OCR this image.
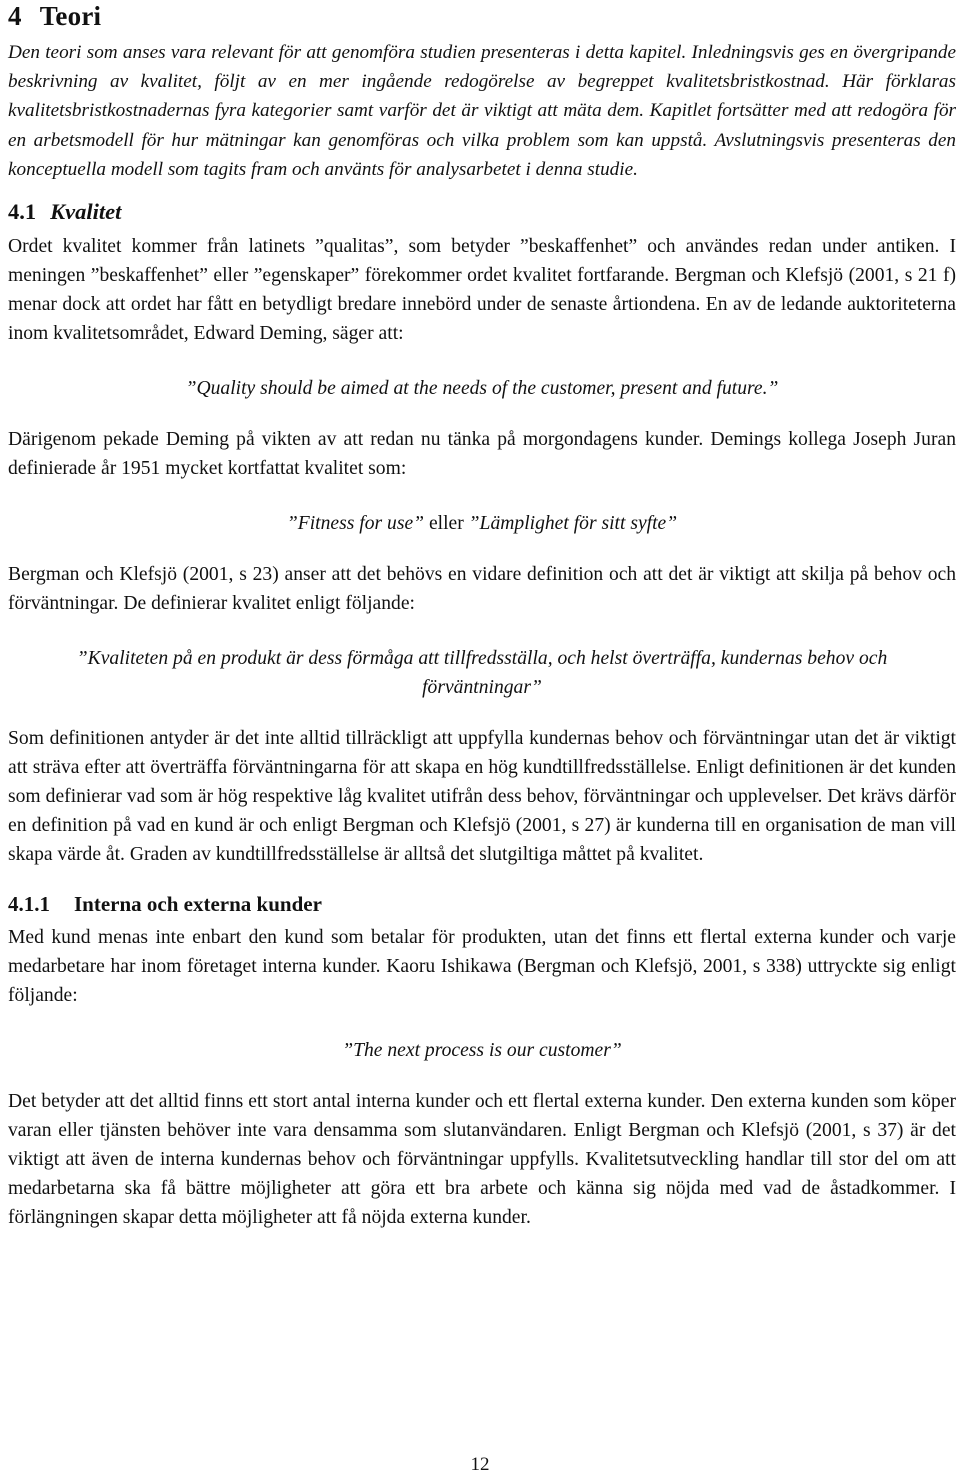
4 Teori

Den teori som anses vara relevant för att genomföra studien presenteras i detta kapitel. Inledningsvis ges en övergripande beskrivning av kvalitet, följt av en mer ingående redogörelse av begreppet kvalitetsbristkostnad. Här förklaras kvalitetsbristkostnadernas fyra kategorier samt varför det är viktigt att mäta dem. Kapitlet fortsätter med att redogöra för en arbetsmodell för hur mätningar kan genomföras och vilka problem som kan uppstå. Avslutningsvis presenteras den konceptuella modell som tagits fram och använts för analysarbetet i denna studie.

4.1 Kvalitet

Ordet kvalitet kommer från latinets ”qualitas”, som betyder ”beskaffenhet” och användes redan under antiken. I meningen ”beskaffenhet” eller ”egenskaper” förekommer ordet kvalitet fortfarande. Bergman och Klefsjö (2001, s 21 f) menar dock att ordet har fått en betydligt bredare innebörd under de senaste årtiondena. En av de ledande auktoriteterna inom kvalitetsområdet, Edward Deming, säger att:

”Quality should be aimed at the needs of the customer, present and future.”

Därigenom pekade Deming på vikten av att redan nu tänka på morgondagens kunder. Demings kollega Joseph Juran definierade år 1951 mycket kortfattat kvalitet som:

”Fitness for use” eller ”Lämplighet för sitt syfte”

Bergman och Klefsjö (2001, s 23) anser att det behövs en vidare definition och att det är viktigt att skilja på behov och förväntningar. De definierar kvalitet enligt följande:

”Kvaliteten på en produkt är dess förmåga att tillfredsställa, och helst överträffa, kundernas behov och förväntningar”

Som definitionen antyder är det inte alltid tillräckligt att uppfylla kundernas behov och förväntningar utan det är viktigt att sträva efter att överträffa förväntningarna för att skapa en hög kundtillfredsställelse. Enligt definitionen är det kunden som definierar vad som är hög respektive låg kvalitet utifrån dess behov, förväntningar och upplevelser. Det krävs därför en definition på vad en kund är och enligt Bergman och Klefsjö (2001, s 27) är kunderna till en organisation de man vill skapa värde åt. Graden av kundtillfredsställelse är alltså det slutgiltiga måttet på kvalitet.

4.1.1 Interna och externa kunder

Med kund menas inte enbart den kund som betalar för produkten, utan det finns ett flertal externa kunder och varje medarbetare har inom företaget interna kunder. Kaoru Ishikawa (Bergman och Klefsjö, 2001, s 338) uttryckte sig enligt följande:

”The next process is our customer”

Det betyder att det alltid finns ett stort antal interna kunder och ett flertal externa kunder. Den externa kunden som köper varan eller tjänsten behöver inte vara densamma som slutanvändaren. Enligt Bergman och Klefsjö (2001, s 37) är det viktigt att även de interna kundernas behov och förväntningar uppfylls. Kvalitetsutveckling handlar till stor del om att medarbetarna ska få bättre möjligheter att göra ett bra arbete och känna sig nöjda med vad de åstadkommer. I förlängningen skapar detta möjligheter att få nöjda externa kunder.

12
